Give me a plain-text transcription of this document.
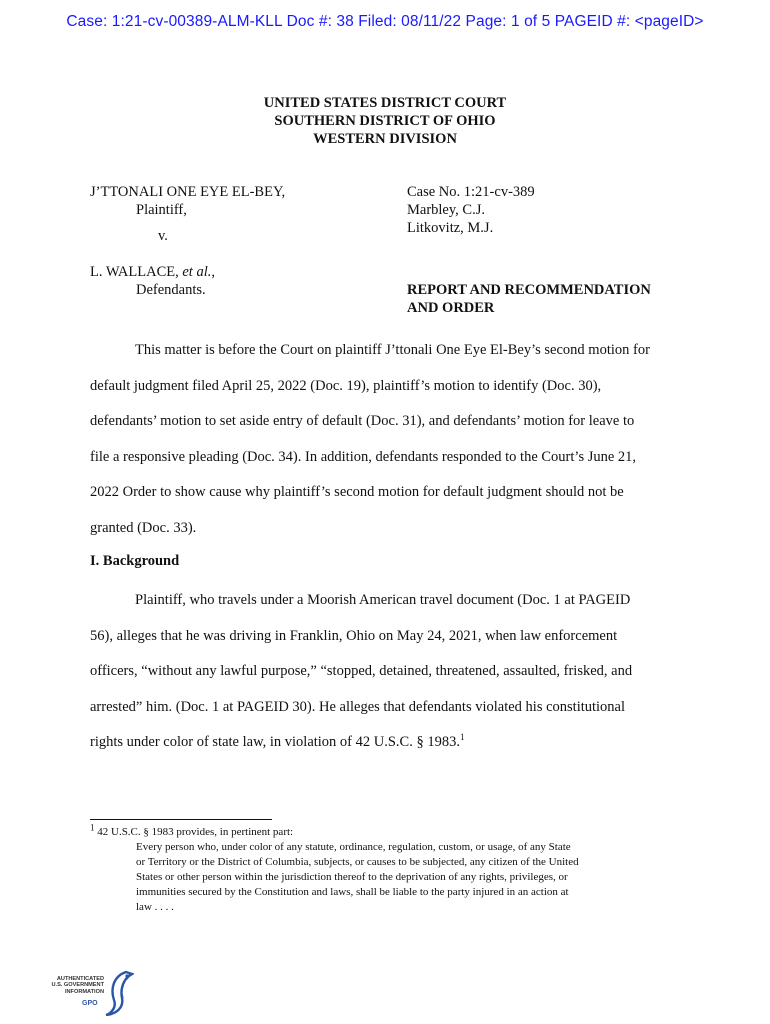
Case: 1:21-cv-00389-ALM-KLL Doc #: 38 Filed: 08/11/22 Page: 1 of 5 PAGEID #: <pageID>
UNITED STATES DISTRICT COURT
SOUTHERN DISTRICT OF OHIO
WESTERN DIVISION
J’TTONALI ONE EYE EL-BEY,
Plaintiff,
v.
L. WALLACE, et al.,
Defendants.
Case No. 1:21-cv-389
Marbley, C.J.
Litkovitz, M.J.
REPORT AND RECOMMENDATION
AND ORDER
This matter is before the Court on plaintiff J’ttonali One Eye El-Bey’s second motion for
default judgment filed April 25, 2022 (Doc. 19), plaintiff’s motion to identify (Doc. 30),
defendants’ motion to set aside entry of default (Doc. 31), and defendants’ motion for leave to
file a responsive pleading (Doc. 34). In addition, defendants responded to the Court’s June 21,
2022 Order to show cause why plaintiff’s second motion for default judgment should not be
granted (Doc. 33).
I. Background
Plaintiff, who travels under a Moorish American travel document (Doc. 1 at PAGEID
56), alleges that he was driving in Franklin, Ohio on May 24, 2021, when law enforcement
officers, “without any lawful purpose,” “stopped, detained, threatened, assaulted, frisked, and
arrested” him. (Doc. 1 at PAGEID 30). He alleges that defendants violated his constitutional
rights under color of state law, in violation of 42 U.S.C. § 1983.$^1$
$^1$ 42 U.S.C. § 1983 provides, in pertinent part:
Every person who, under color of any statute, ordinance, regulation, custom, or usage, of any State
or Territory or the District of Columbia, subjects, or causes to be subjected, any citizen of the United
States or other person within the jurisdiction thereof to the deprivation of any rights, privileges, or
immunities secured by the Constitution and laws, shall be liable to the party injured in an action at
law . . . .
AUTHENTICATED
U.S. GOVERNMENT
INFORMATION
GPO
